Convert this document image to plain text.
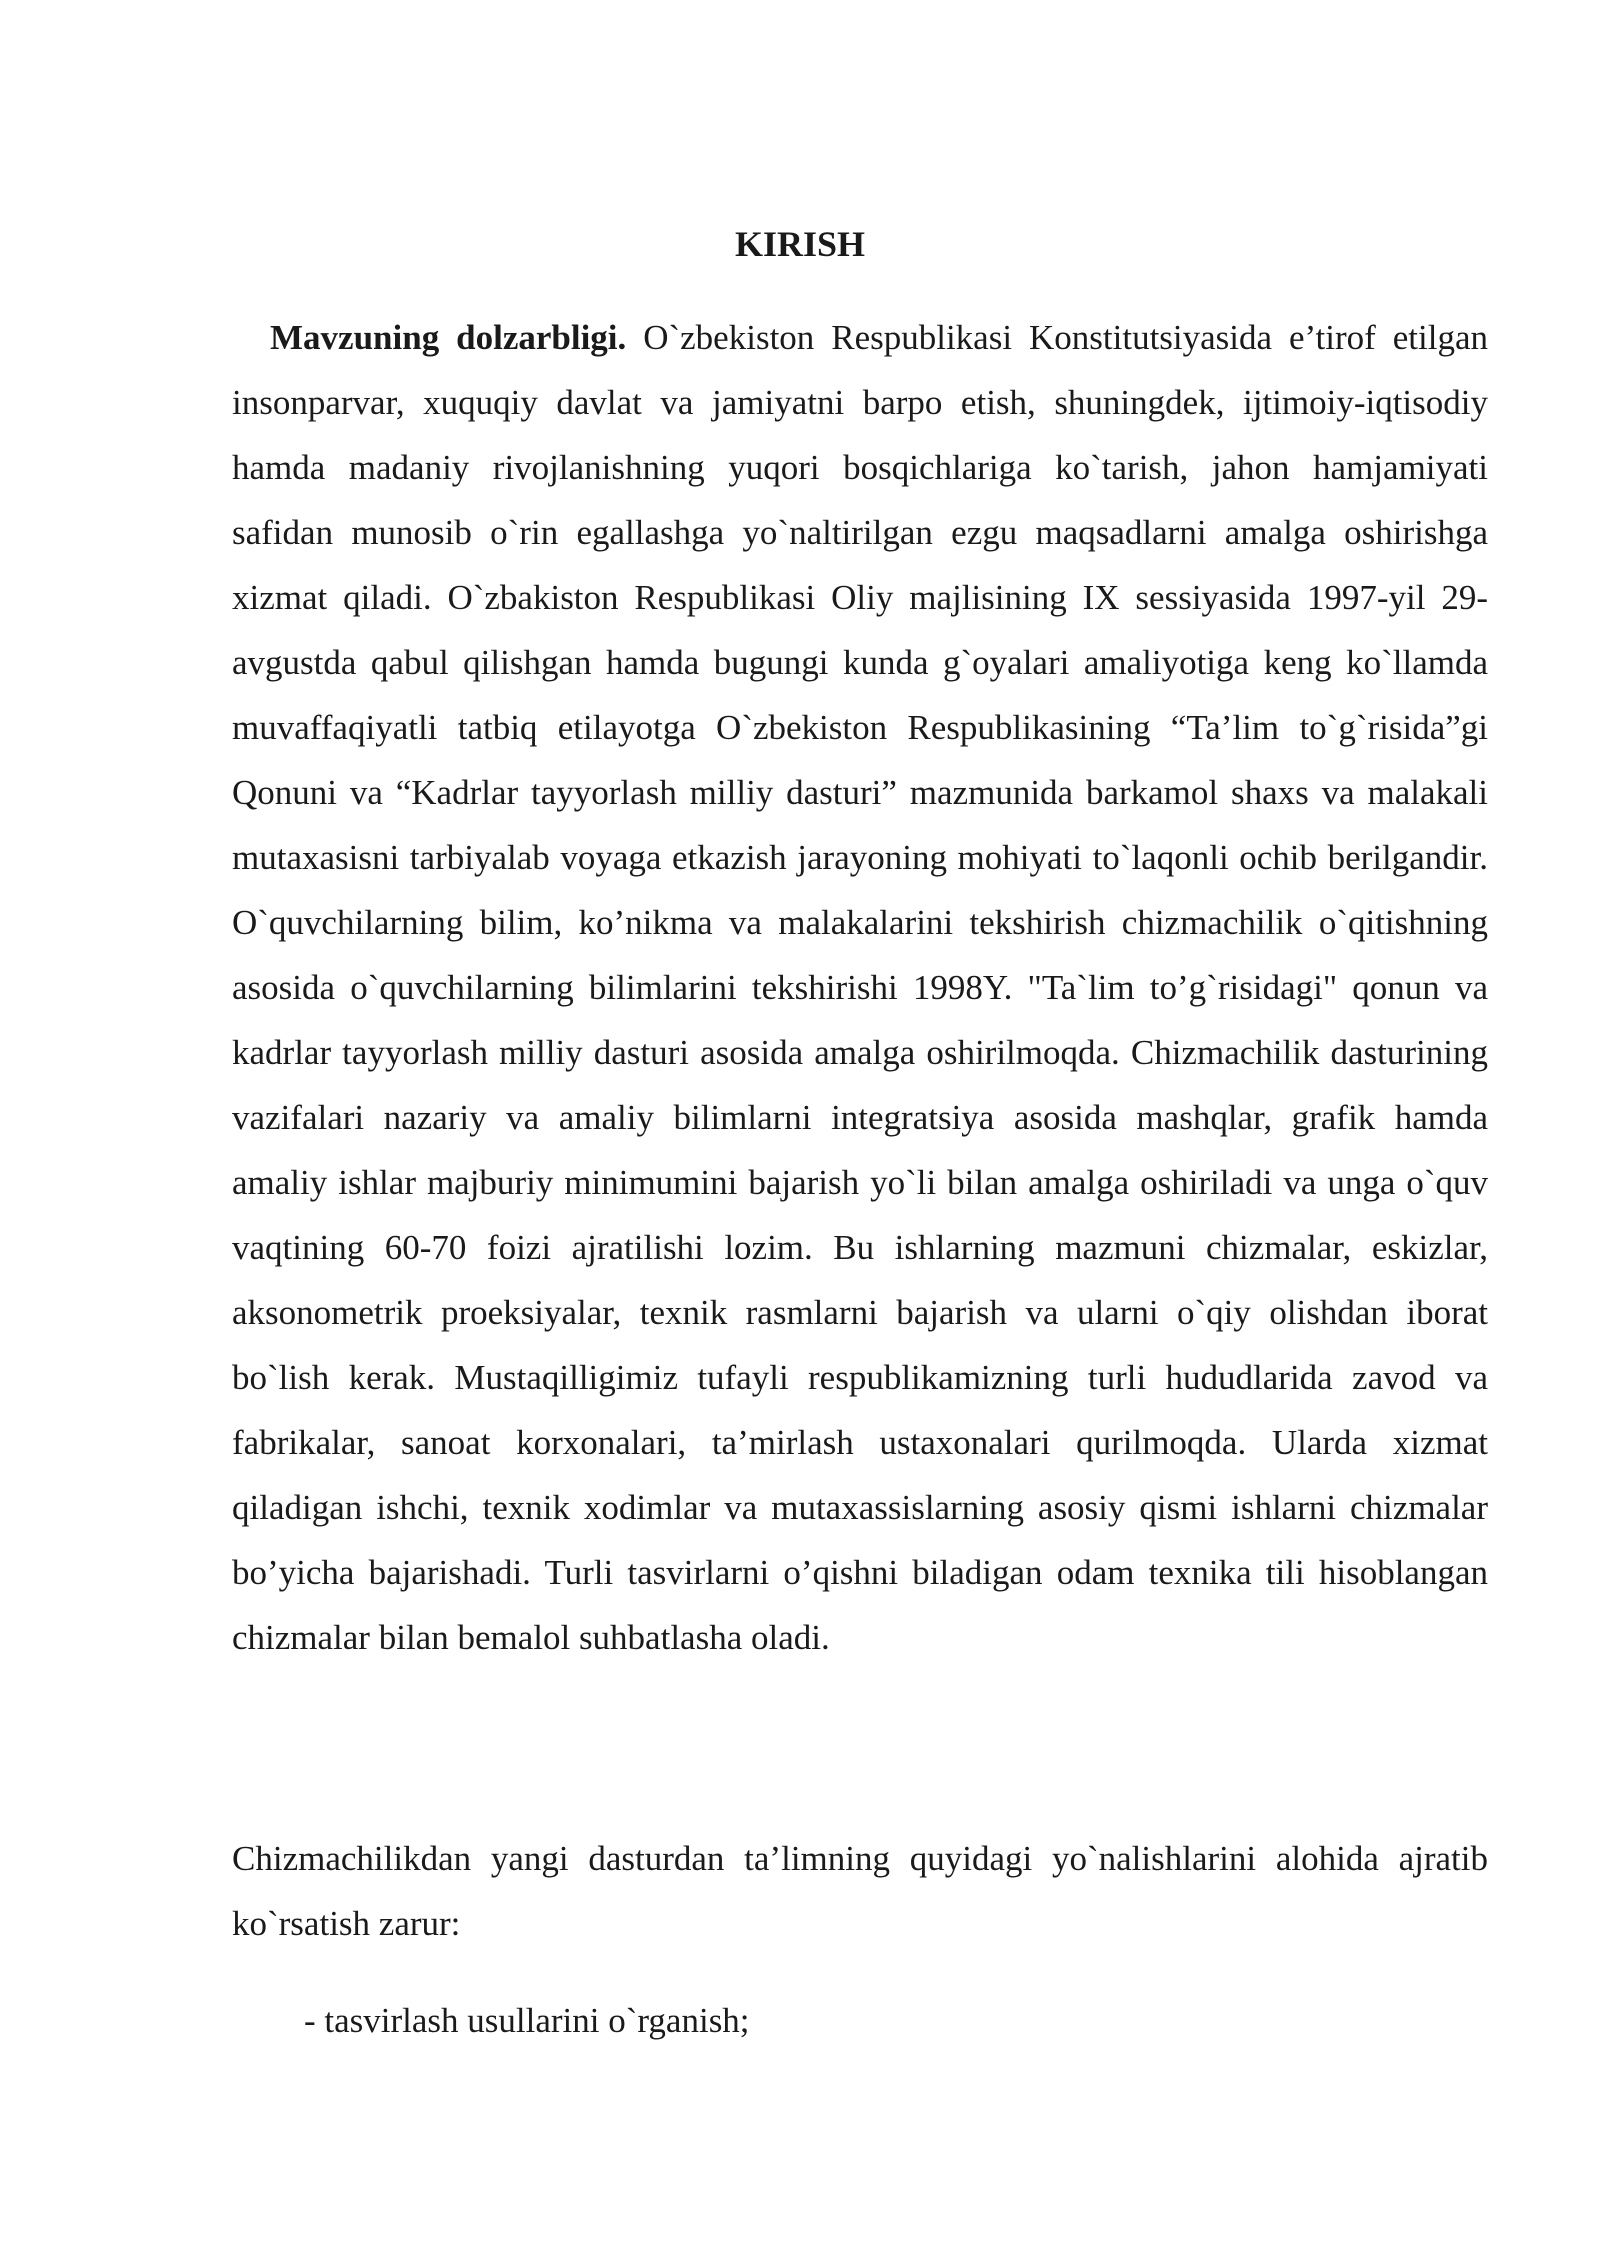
KIRISH

Mavzuning dolzarbligi. O`zbekiston Respublikasi Konstitutsiyasida e’tirof etilgan insonparvar, xuquqiy davlat va jamiyatni barpo etish, shuningdek, ijtimoiy-iqtisodiy hamda madaniy rivojlanishning yuqori bosqichlariga ko`tarish, jahon hamjamiyati safidan munosib o`rin egallashga yo`naltirilgan ezgu maqsadlarni amalga oshirishga xizmat qiladi. O`zbakiston Respublikasi Oliy majlisining IX sessiyasida 1997-yil 29-avgustda qabul qilishgan hamda bugungi kunda g`oyalari amaliyotiga keng ko`llamda muvaffaqiyatli tatbiq etilayotga O`zbekiston Respublikasining “Ta’lim to`g`risida”gi Qonuni va “Kadrlar tayyorlash milliy dasturi” mazmunida barkamol shaxs va malakali mutaxasisni tarbiyalab voyaga etkazish jarayoning mohiyati to`laqonli ochib berilgandir. O`quvchilarning bilim, ko’nikma va malakalarini tekshirish chizmachilik o`qitishning asosida o`quvchilarning bilimlarini tekshirishi 1998Y. "Ta`lim to’g`risidagi" qonun va kadrlar tayyorlash milliy dasturi asosida amalga oshirilmoqda. Chizmachilik dasturining vazifalari nazariy va amaliy bilimlarni integratsiya asosida mashqlar, grafik hamda amaliy ishlar majburiy minimumini bajarish yo`li bilan amalga oshiriladi va unga o`quv vaqtining 60-70 foizi ajratilishi lozim. Bu ishlarning mazmuni chizmalar, eskizlar, aksonometrik proeksiyalar, texnik rasmlarni bajarish va ularni o`qiy olishdan iborat bo`lish kerak. Mustaqilligimiz tufayli respublikamizning turli hududlarida zavod va fabrikalar, sanoat korxonalari, ta’mirlash ustaxonalari qurilmoqda. Ularda xizmat qiladigan ishchi, texnik xodimlar va mutaxassislarning asosiy qismi ishlarni chizmalar bo’yicha bajarishadi. Turli tasvirlarni o’qishni biladigan odam texnika tili hisoblangan chizmalar bilan bemalol suhbatlasha oladi.

Chizmachilikdan yangi dasturdan ta’limning quyidagi yo`nalishlarini alohida ajratib ko`rsatish zarur:

- tasvirlash usullarini o`rganish;
